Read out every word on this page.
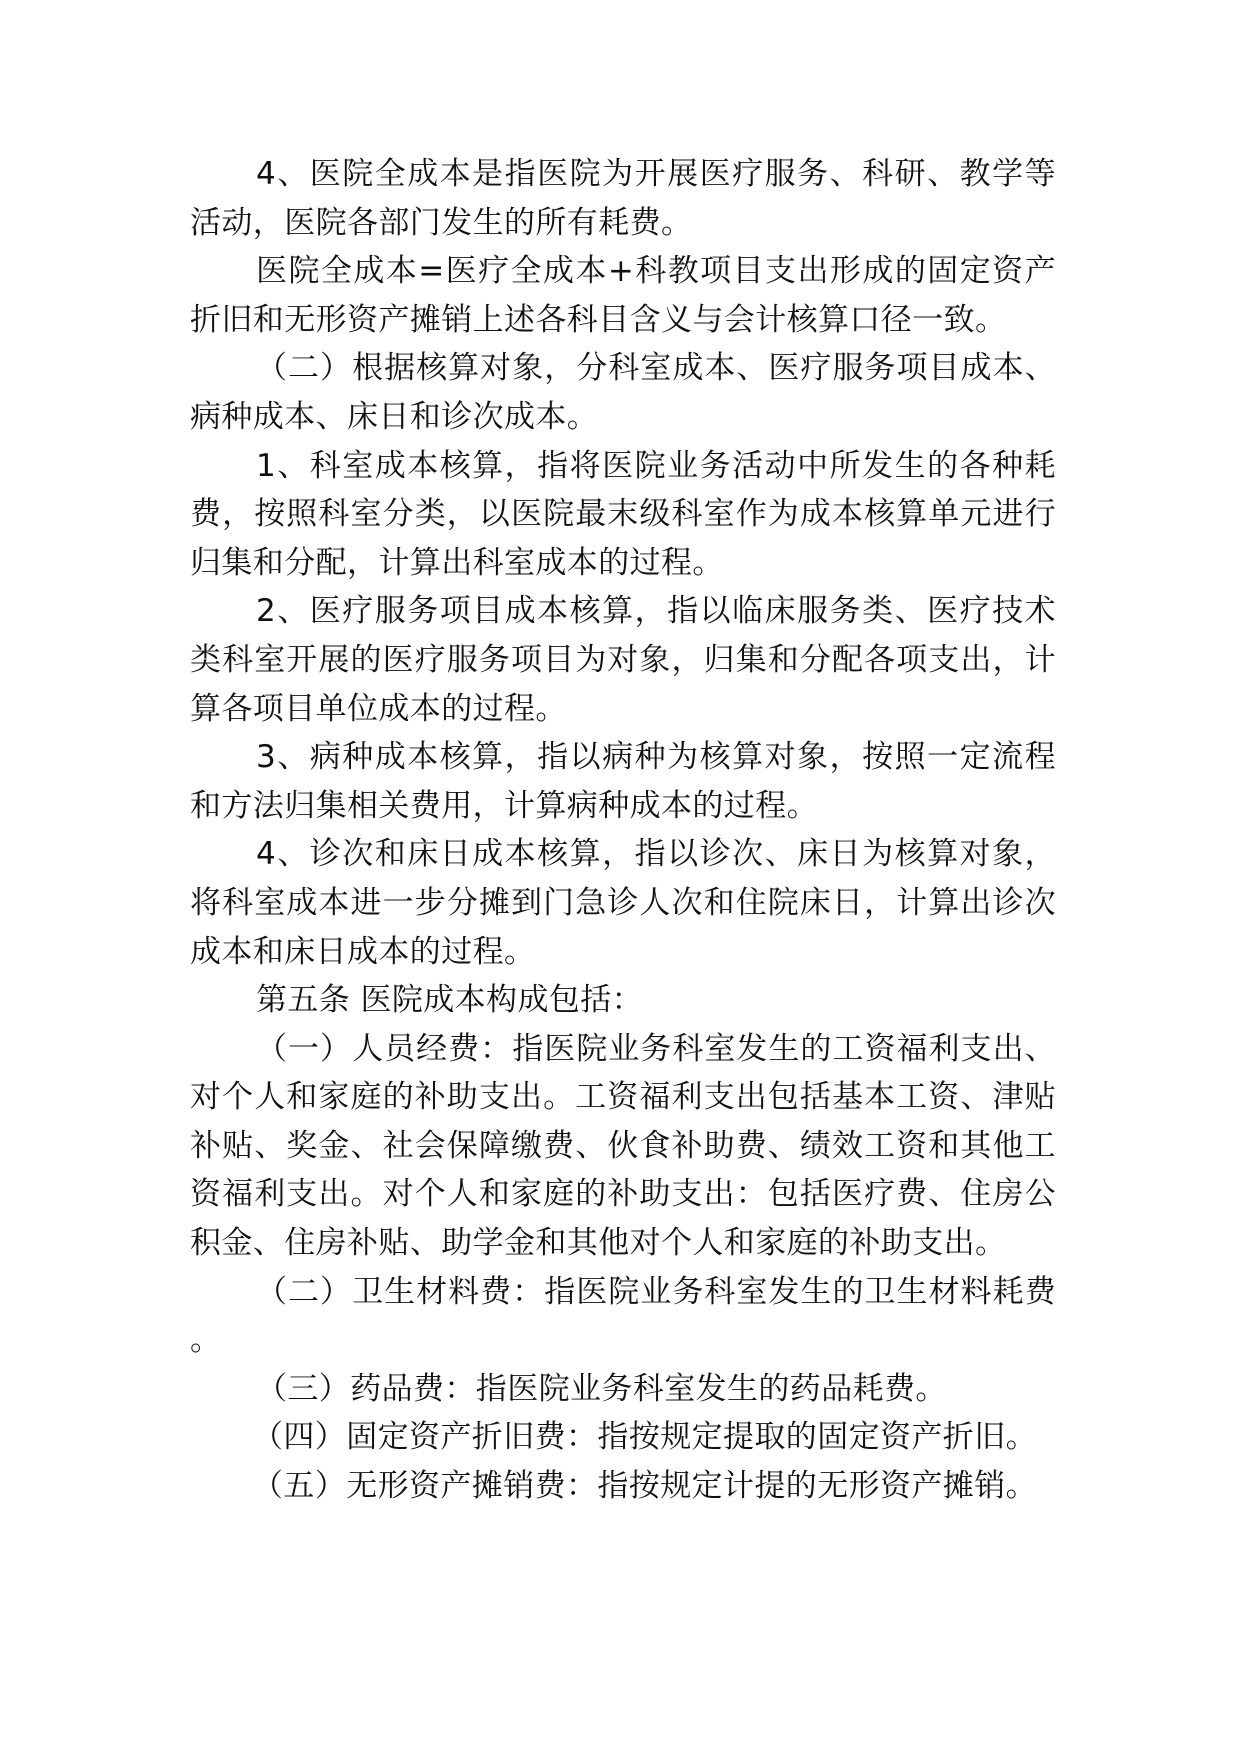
4、医院全成本是指医院为开展医疗服务、科研、教学等活动，医院各部门发生的所有耗费。

医院全成本=医疗全成本+科教项目支出形成的固定资产折旧和无形资产摊销上述各科目含义与会计核算口径一致。

（二）根据核算对象，分科室成本、医疗服务项目成本、病种成本、床日和诊次成本。

1、科室成本核算，指将医院业务活动中所发生的各种耗费，按照科室分类，以医院最末级科室作为成本核算单元进行归集和分配，计算出科室成本的过程。

2、医疗服务项目成本核算，指以临床服务类、医疗技术类科室开展的医疗服务项目为对象，归集和分配各项支出，计算各项目单位成本的过程。

3、病种成本核算，指以病种为核算对象，按照一定流程和方法归集相关费用，计算病种成本的过程。

4、诊次和床日成本核算，指以诊次、床日为核算对象，将科室成本进一步分摊到门急诊人次和住院床日，计算出诊次成本和床日成本的过程。

第五条 医院成本构成包括：

（一）人员经费：指医院业务科室发生的工资福利支出、对个人和家庭的补助支出。工资福利支出包括基本工资、津贴补贴、奖金、社会保障缴费、伙食补助费、绩效工资和其他工资福利支出。对个人和家庭的补助支出：包括医疗费、住房公积金、住房补贴、助学金和其他对个人和家庭的补助支出。

（二）卫生材料费：指医院业务科室发生的卫生材料耗费。

（三）药品费：指医院业务科室发生的药品耗费。

（四）固定资产折旧费：指按规定提取的固定资产折旧。

（五）无形资产摊销费：指按规定计提的无形资产摊销。
